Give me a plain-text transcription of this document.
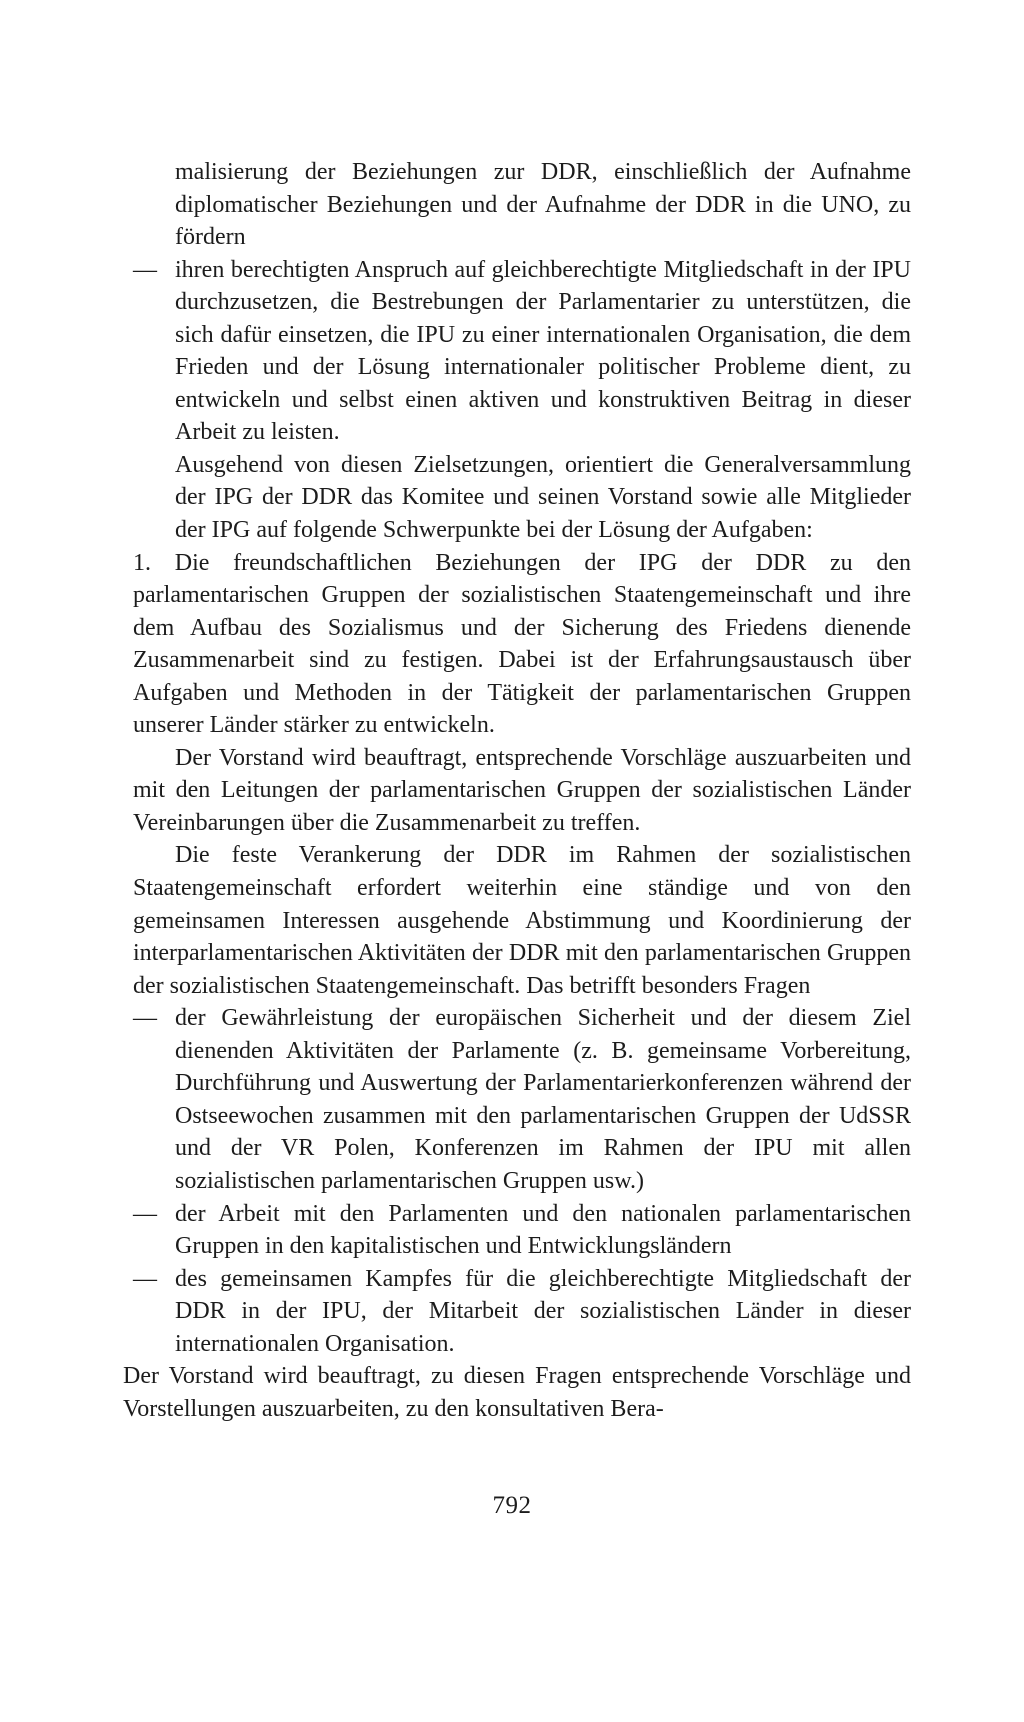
malisierung der Beziehungen zur DDR, einschließlich der Aufnahme diplomatischer Beziehungen und der Aufnahme der DDR in die UNO, zu fördern

— ihren berechtigten Anspruch auf gleichberechtigte Mitgliedschaft in der IPU durchzusetzen, die Bestrebungen der Parlamentarier zu unterstützen, die sich dafür einsetzen, die IPU zu einer internationalen Organisation, die dem Frieden und der Lösung internationaler politischer Probleme dient, zu entwickeln und selbst einen aktiven und konstruktiven Beitrag in dieser Arbeit zu leisten.

Ausgehend von diesen Zielsetzungen, orientiert die Generalversammlung der IPG der DDR das Komitee und seinen Vorstand sowie alle Mitglieder der IPG auf folgende Schwerpunkte bei der Lösung der Aufgaben:

1. Die freundschaftlichen Beziehungen der IPG der DDR zu den parlamentarischen Gruppen der sozialistischen Staatengemeinschaft und ihre dem Aufbau des Sozialismus und der Sicherung des Friedens dienende Zusammenarbeit sind zu festigen. Dabei ist der Erfahrungsaustausch über Aufgaben und Methoden in der Tätigkeit der parlamentarischen Gruppen unserer Länder stärker zu entwickeln.

Der Vorstand wird beauftragt, entsprechende Vorschläge auszuarbeiten und mit den Leitungen der parlamentarischen Gruppen der sozialistischen Länder Vereinbarungen über die Zusammenarbeit zu treffen.

Die feste Verankerung der DDR im Rahmen der sozialistischen Staatengemeinschaft erfordert weiterhin eine ständige und von den gemeinsamen Interessen ausgehende Abstimmung und Koordinierung der interparlamentarischen Aktivitäten der DDR mit den parlamentarischen Gruppen der sozialistischen Staatengemeinschaft. Das betrifft besonders Fragen

— der Gewährleistung der europäischen Sicherheit und der diesem Ziel dienenden Aktivitäten der Parlamente (z. B. gemeinsame Vorbereitung, Durchführung und Auswertung der Parlamentarierkonferenzen während der Ostseewochen zusammen mit den parlamentarischen Gruppen der UdSSR und der VR Polen, Konferenzen im Rahmen der IPU mit allen sozialistischen parlamentarischen Gruppen usw.)
— der Arbeit mit den Parlamenten und den nationalen parlamentarischen Gruppen in den kapitalistischen und Entwicklungsländern
— des gemeinsamen Kampfes für die gleichberechtigte Mitgliedschaft der DDR in der IPU, der Mitarbeit der sozialistischen Länder in dieser internationalen Organisation.

Der Vorstand wird beauftragt, zu diesen Fragen entsprechende Vorschläge und Vorstellungen auszuarbeiten, zu den konsultativen Bera-

792
